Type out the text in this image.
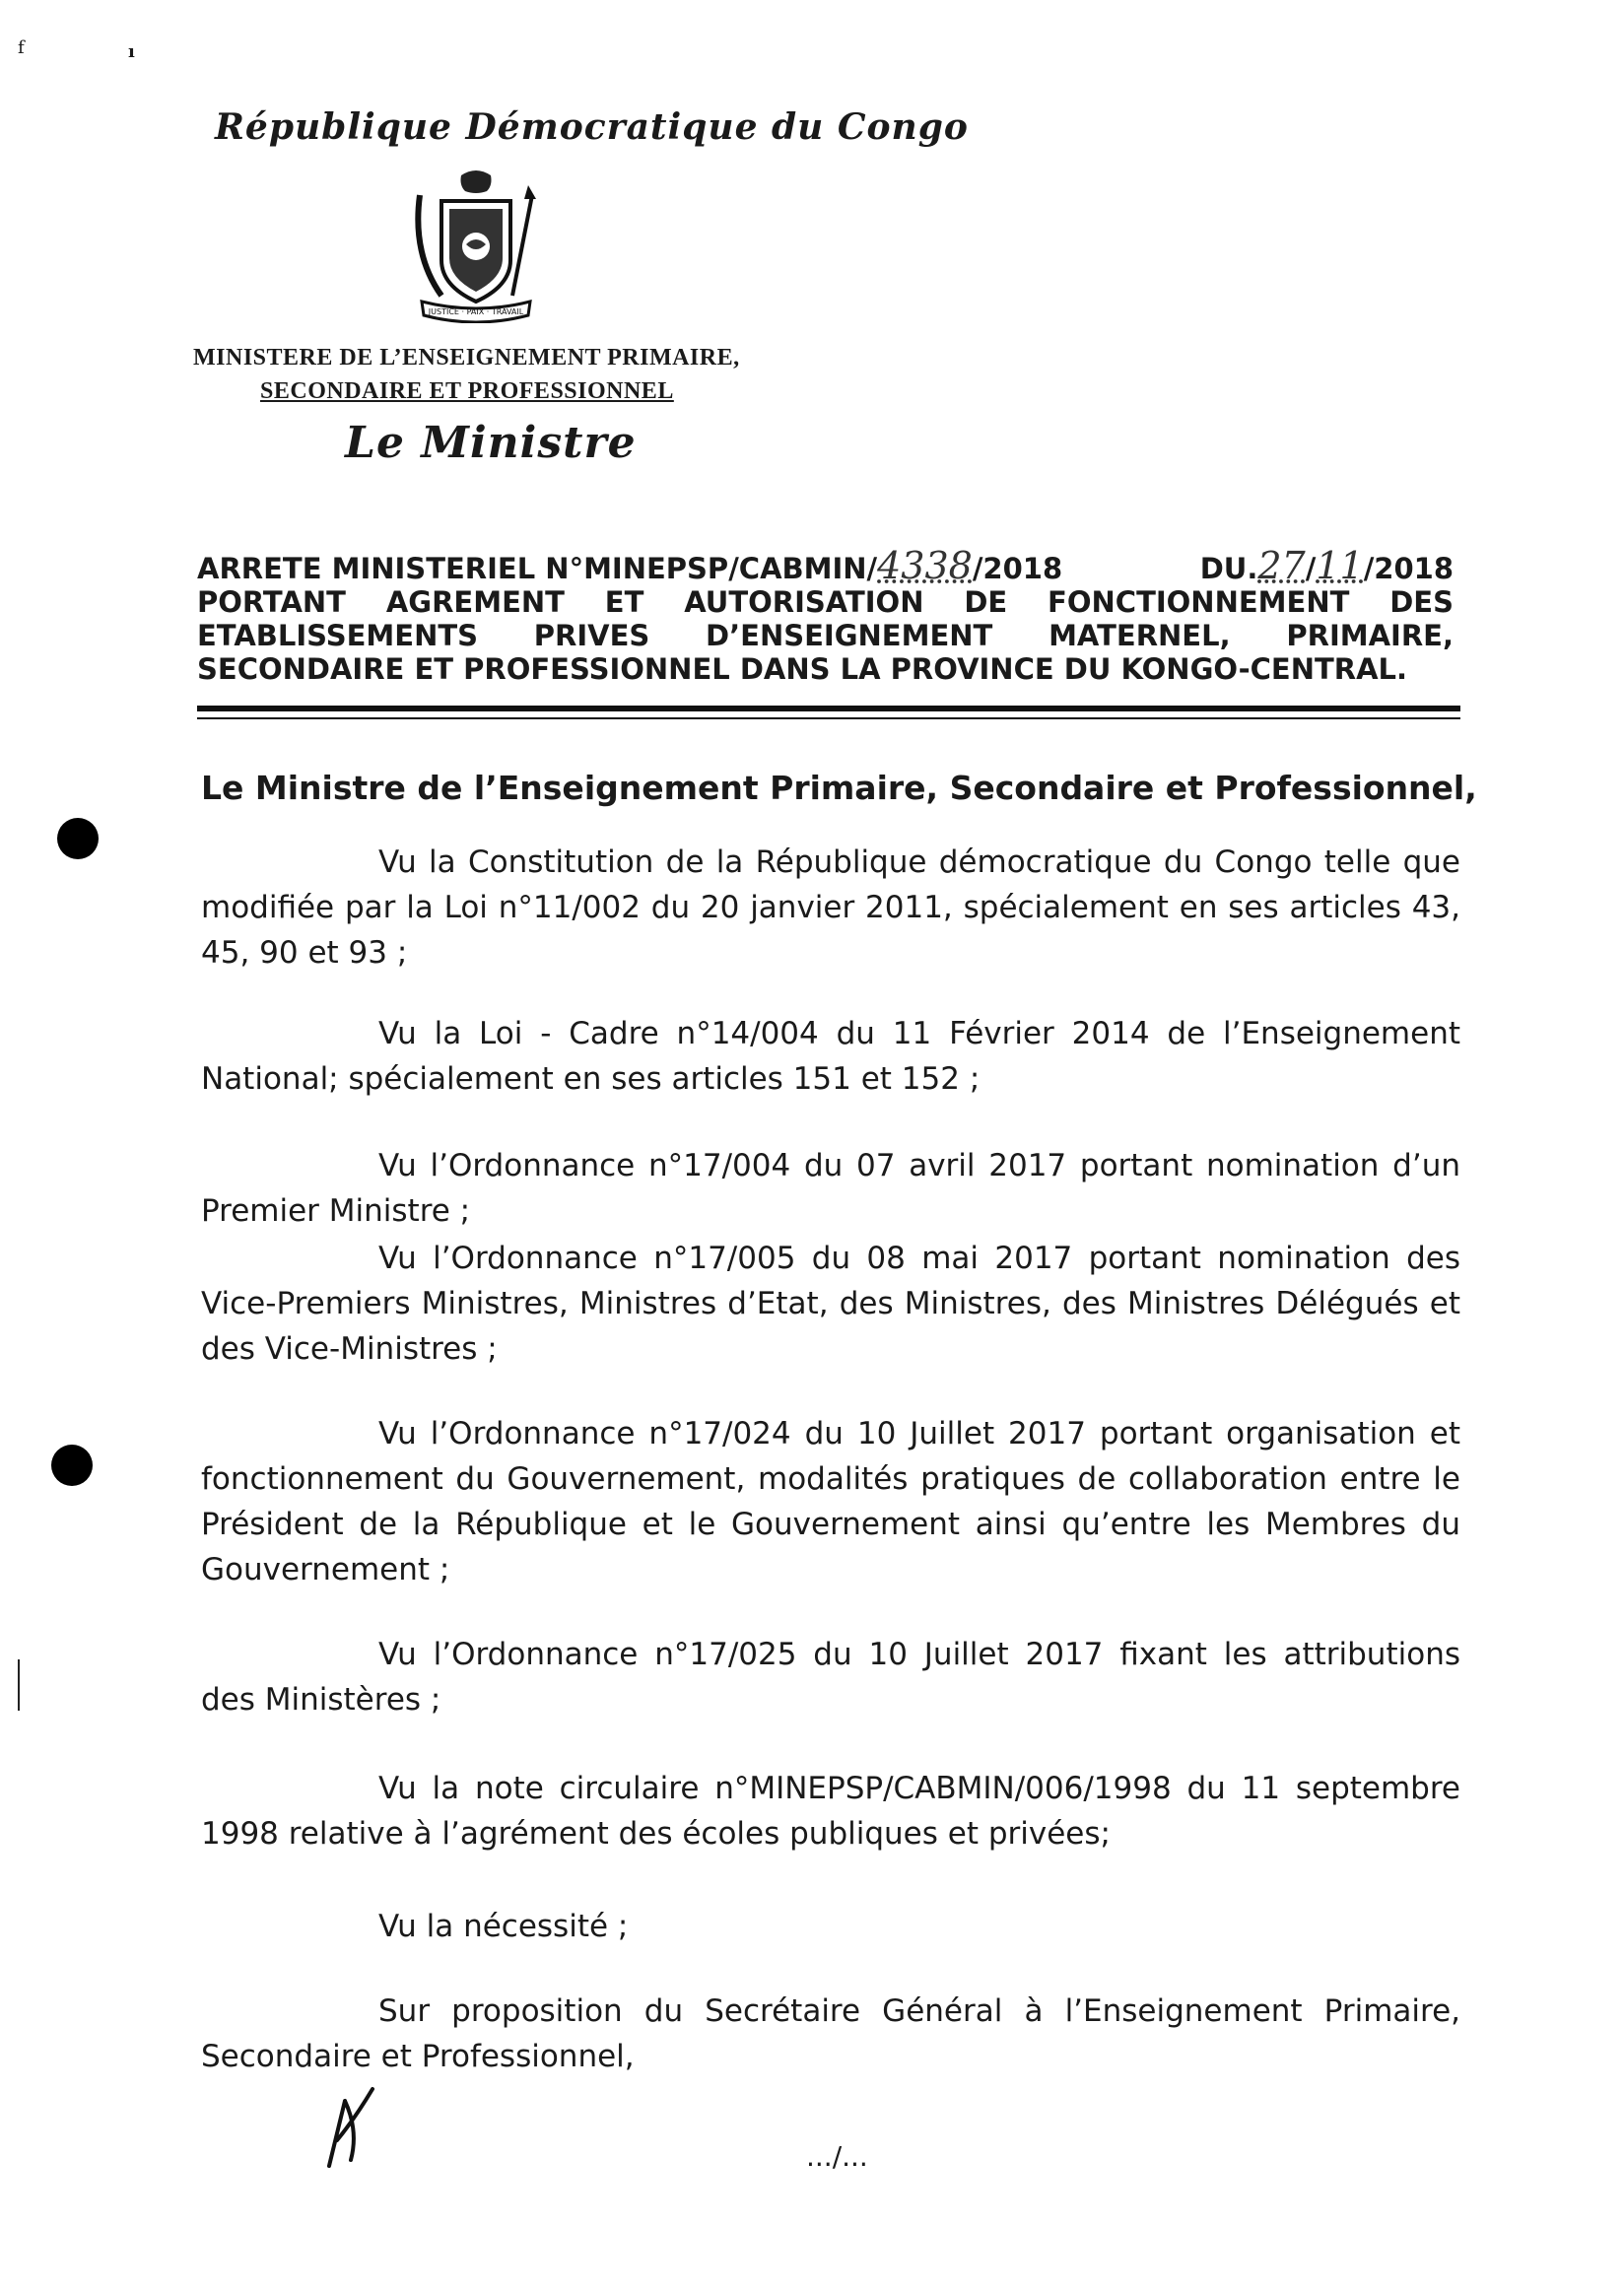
f	ı
République Démocratique du Congo
JUSTICE · PAIX · TRAVAIL
MINISTERE DE L’ENSEIGNEMENT PRIMAIRE,
SECONDAIRE ET PROFESSIONNEL
Le Ministre
ARRETE MINISTERIEL N°MINEPSP/CABMIN/4338/2018	DU.27/11/2018
PORTANT AGREMENT ET AUTORISATION DE FONCTIONNEMENT DES
ETABLISSEMENTS PRIVES D’ENSEIGNEMENT MATERNEL, PRIMAIRE,
SECONDAIRE ET PROFESSIONNEL DANS LA PROVINCE DU KONGO-CENTRAL.
Le Ministre de l’Enseignement Primaire, Secondaire et Professionnel,
Vu la Constitution de la République démocratique du Congo telle que modifiée par la Loi n°11/002 du 20 janvier 2011, spécialement en ses articles 43, 45, 90 et 93 ;
Vu la Loi - Cadre n°14/004 du 11 Février 2014 de l’Enseignement National; spécialement en ses articles 151 et 152 ;
Vu l’Ordonnance n°17/004 du 07 avril 2017 portant nomination d’un Premier Ministre ;
Vu l’Ordonnance n°17/005 du 08 mai 2017 portant nomination des Vice-Premiers Ministres, Ministres d’Etat, des Ministres, des Ministres Délégués et des Vice-Ministres ;
Vu l’Ordonnance n°17/024 du 10 Juillet 2017 portant organisation et fonctionnement du Gouvernement, modalités pratiques de collaboration entre le Président de la République et le Gouvernement ainsi qu’entre les Membres du Gouvernement ;
Vu l’Ordonnance n°17/025 du 10 Juillet 2017 fixant les attributions des Ministères ;
Vu la note circulaire n°MINEPSP/CABMIN/006/1998 du 11 septembre 1998 relative à l’agrément des écoles publiques et privées;
Vu la nécessité ;
Sur proposition du Secrétaire Général à l’Enseignement Primaire, Secondaire et Professionnel,
.../...
